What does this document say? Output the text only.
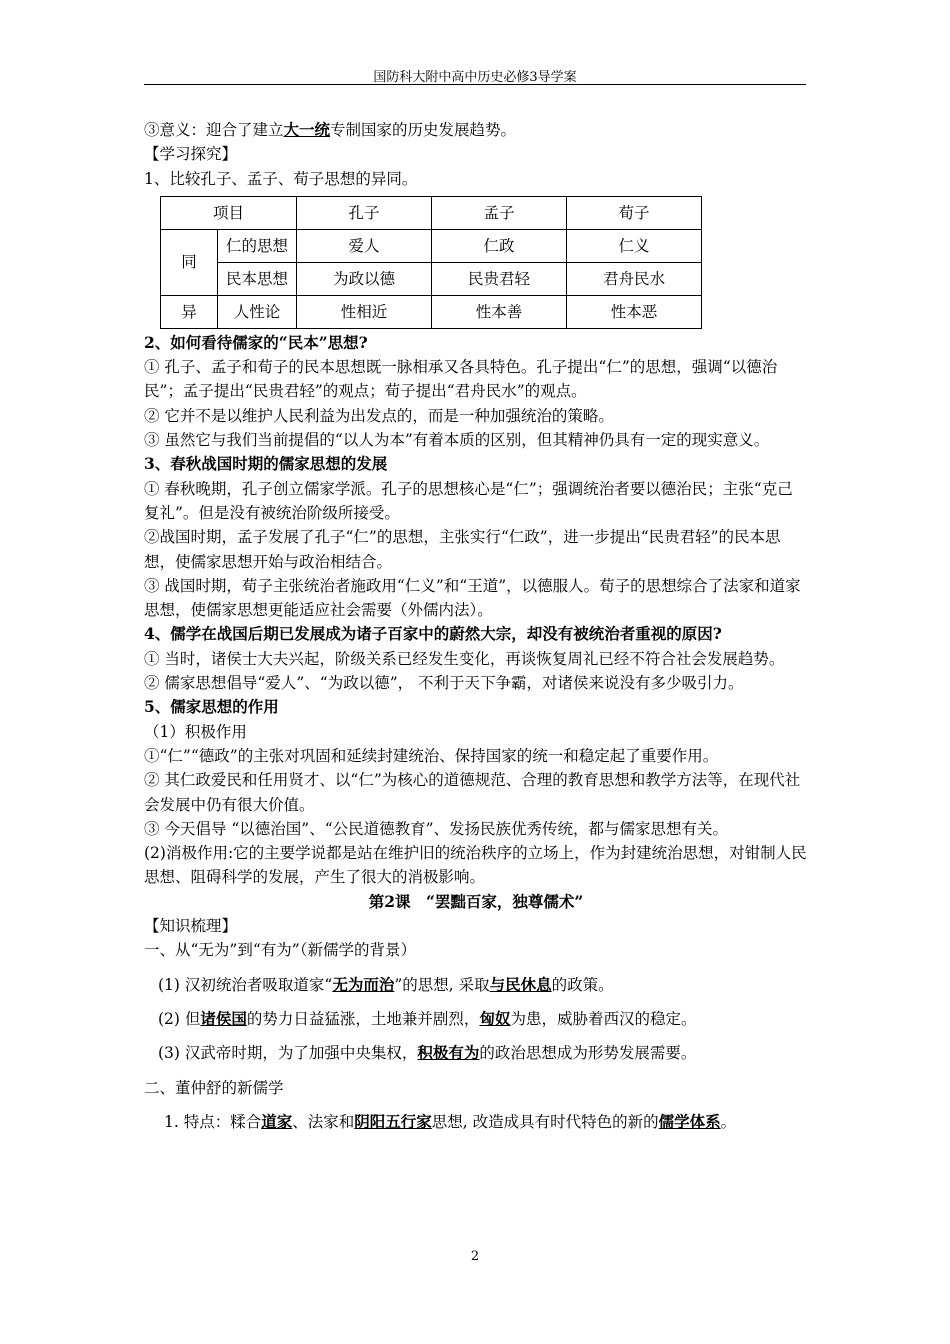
国防科大附中高中历史必修3导学案

③意义：迎合了建立大一统专制国家的历史发展趋势。

【学习探究】

1、比较孔子、孟子、荀子思想的异同。

项目		孔子	孟子	荀子
同	仁的思想	爱人	仁政	仁义
	民本思想	为政以德	民贵君轻	君舟民水
异	人性论	性相近	性本善	性本恶

2、如何看待儒家的“民本”思想?

① 孔子、孟子和荀子的民本思想既一脉相承又各具特色。孔子提出“仁”的思想，强调“以德治民”；孟子提出“民贵君轻”的观点；荀子提出“君舟民水”的观点。

② 它并不是以维护人民利益为出发点的，而是一种加强统治的策略。

③ 虽然它与我们当前提倡的“以人为本”有着本质的区别，但其精神仍具有一定的现实意义。

3、春秋战国时期的儒家思想的发展

① 春秋晚期，孔子创立儒家学派。孔子的思想核心是“仁”；强调统治者要以德治民；主张“克己复礼”。但是没有被统治阶级所接受。

②战国时期，孟子发展了孔子“仁”的思想，主张实行“仁政”，进一步提出“民贵君轻”的民本思想，使儒家思想开始与政治相结合。

③ 战国时期，荀子主张统治者施政用“仁义”和“王道”，以德服人。荀子的思想综合了法家和道家思想，使儒家思想更能适应社会需要（外儒内法）。

4、儒学在战国后期已发展成为诸子百家中的蔚然大宗，却没有被统治者重视的原因?

① 当时，诸侯士大夫兴起，阶级关系已经发生变化，再谈恢复周礼已经不符合社会发展趋势。

② 儒家思想倡导“爱人”、“为政以德”， 不利于天下争霸，对诸侯来说没有多少吸引力。

5、儒家思想的作用

（1）积极作用

①“仁”“德政”的主张对巩固和延续封建统治、保持国家的统一和稳定起了重要作用。

② 其仁政爱民和任用贤才、以“仁”为核心的道德规范、合理的教育思想和教学方法等，在现代社会发展中仍有很大价值。

③ 今天倡导 “以德治国”、“公民道德教育”、发扬民族优秀传统，都与儒家思想有关。

(2)消极作用:它的主要学说都是站在维护旧的统治秩序的立场上，作为封建统治思想，对钳制人民思想、阻碍科学的发展，产生了很大的消极影响。

第2课　“罢黜百家，独尊儒术”

【知识梳理】

一、从“无为”到“有为”（新儒学的背景）

(1) 汉初统治者吸取道家“无为而治”的思想, 采取与民休息的政策。

(2) 但诸侯国的势力日益猛涨，土地兼并剧烈，匈奴为患，威胁着西汉的稳定。

(3) 汉武帝时期，为了加强中央集权，积极有为的政治思想成为形势发展需要。

二、董仲舒的新儒学

1. 特点：糅合道家、法家和阴阳五行家思想, 改造成具有时代特色的新的儒学体系。

2
